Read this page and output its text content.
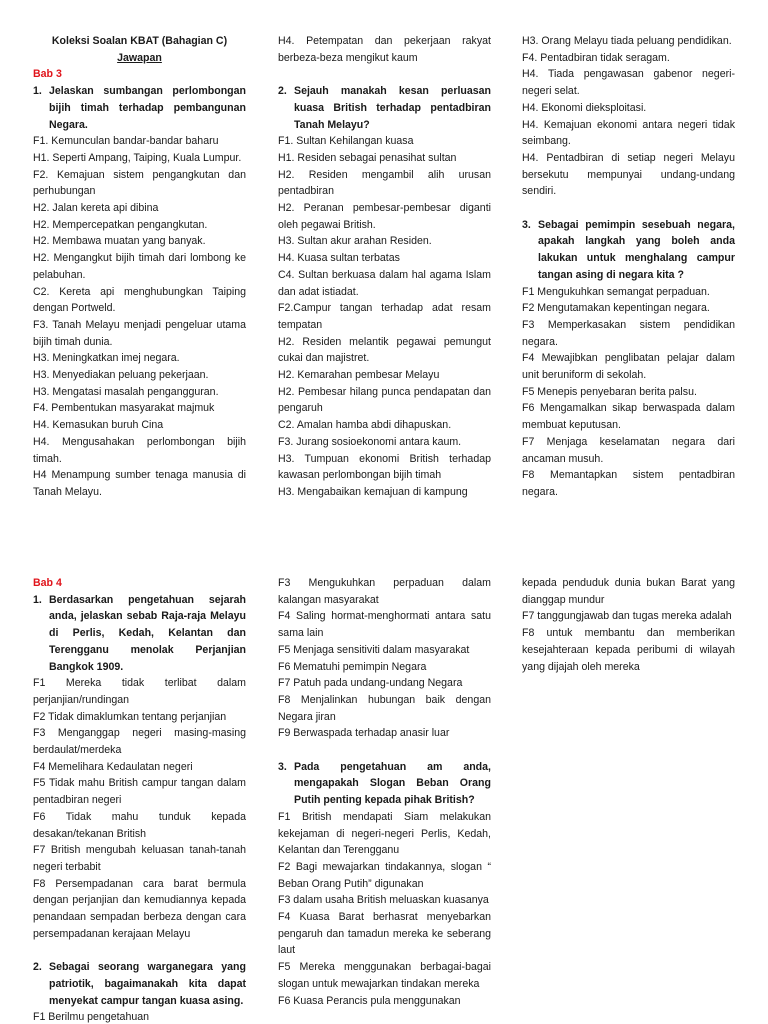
Koleksi Soalan KBAT (Bahagian C)
Jawapan
Bab 3
1. Jelaskan sumbangan perlombongan bijih timah terhadap pembangunan Negara.
F1. Kemunculan bandar-bandar baharu
H1. Seperti Ampang, Taiping, Kuala Lumpur.
F2. Kemajuan sistem pengangkutan dan perhubungan
H2. Jalan kereta api dibina
H2. Mempercepatkan pengangkutan.
H2. Membawa muatan yang banyak.
H2. Mengangkut bijih timah dari lombong ke pelabuhan.
C2. Kereta api menghubungkan Taiping dengan Portweld.
F3. Tanah Melayu menjadi pengeluar utama bijih timah dunia.
H3. Meningkatkan imej negara.
H3. Menyediakan peluang pekerjaan.
H3. Mengatasi masalah pengangguran.
F4. Pembentukan masyarakat majmuk
H4. Kemasukan buruh Cina
H4. Mengusahakan perlombongan bijih timah.
H4 Menampung sumber tenaga manusia di Tanah Melayu.
H4. Petempatan dan pekerjaan rakyat berbeza-beza mengikut kaum
2. Sejauh manakah kesan perluasan kuasa British terhadap pentadbiran Tanah Melayu?
F1. Sultan Kehilangan kuasa
H1. Residen sebagai penasihat sultan
H2. Residen mengambil alih urusan pentadbiran
H2. Peranan pembesar-pembesar diganti oleh pegawai British.
H3. Sultan akur arahan Residen.
H4. Kuasa sultan terbatas
C4. Sultan berkuasa dalam hal agama Islam dan adat istiadat.
F2.Campur tangan terhadap adat resam tempatan
H2. Residen melantik pegawai pemungut cukai dan majistret.
H2. Kemarahan pembesar Melayu
H2. Pembesar hilang punca pendapatan dan pengaruh
C2. Amalan hamba abdi dihapuskan.
F3. Jurang sosioekonomi antara kaum.
H3. Tumpuan ekonomi British terhadap kawasan perlombongan bijih timah
H3. Mengabaikan kemajuan di kampung
H3. Orang Melayu tiada peluang pendidikan.
F4. Pentadbiran tidak seragam.
H4. Tiada pengawasan gabenor negeri-negeri selat.
H4. Ekonomi dieksploitasi.
H4. Kemajuan ekonomi antara negeri tidak seimbang.
H4. Pentadbiran di setiap negeri Melayu bersekutu mempunyai undang-undang sendiri.
3. Sebagai pemimpin sesebuah negara, apakah langkah yang boleh anda lakukan untuk menghalang campur tangan asing di negara kita ?
F1 Mengukuhkan semangat perpaduan.
F2 Mengutamakan kepentingan negara.
F3 Memperkasakan sistem pendidikan negara.
F4 Mewajibkan penglibatan pelajar dalam unit beruniform di sekolah.
F5 Menepis penyebaran berita palsu.
F6 Mengamalkan sikap berwaspada dalam membuat keputusan.
F7 Menjaga keselamatan negara dari ancaman musuh.
F8 Memantapkan sistem pentadbiran negara.
Bab 4
1. Berdasarkan pengetahuan sejarah anda, jelaskan sebab Raja-raja Melayu di Perlis, Kedah, Kelantan dan Terengganu menolak Perjanjian Bangkok 1909.
F1 Mereka tidak terlibat dalam perjanjian/rundingan
F2 Tidak dimaklumkan tentang perjanjian
F3 Menganggap negeri masing-masing berdaulat/merdeka
F4 Memelihara Kedaulatan negeri
F5 Tidak mahu British campur tangan dalam pentadbiran negeri
F6 Tidak mahu tunduk kepada desakan/tekanan British
F7 British mengubah keluasan tanah-tanah negeri terbabit
F8 Persempadanan cara barat bermula dengan perjanjian dan kemudiannya kepada penandaan sempadan berbeza dengan cara persempadanan kerajaan Melayu
2. Sebagai seorang warganegara yang patriotik, bagaimanakah kita dapat menyekat campur tangan kuasa asing.
F1 Berilmu pengetahuan
F3 Mengukuhkan perpaduan dalam kalangan masyarakat
F4 Saling hormat-menghormati antara satu sama lain
F5 Menjaga sensitiviti dalam masyarakat
F6 Mematuhi pemimpin Negara
F7 Patuh pada undang-undang Negara
F8 Menjalinkan hubungan baik dengan Negara jiran
F9 Berwaspada terhadap anasir luar
3. Pada pengetahuan am anda, mengapakah Slogan Beban Orang Putih penting kepada pihak British?
F1 British mendapati Siam melakukan kekejaman di negeri-negeri Perlis, Kedah, Kelantan dan Terengganu
F2 Bagi mewajarkan tindakannya, slogan “ Beban Orang Putih” digunakan
F3 dalam usaha British meluaskan kuasanya
F4 Kuasa Barat berhasrat menyebarkan pengaruh dan tamadun mereka ke seberang laut
F5 Mereka menggunakan berbagai-bagai slogan untuk mewajarkan tindakan mereka
F6 Kuasa Perancis pula menggunakan
kepada penduduk dunia bukan Barat yang dianggap mundur
F7 tanggungjawab dan tugas mereka adalah
F8 untuk membantu dan memberikan kesejahteraan kepada peribumi di wilayah yang dijajah oleh mereka
